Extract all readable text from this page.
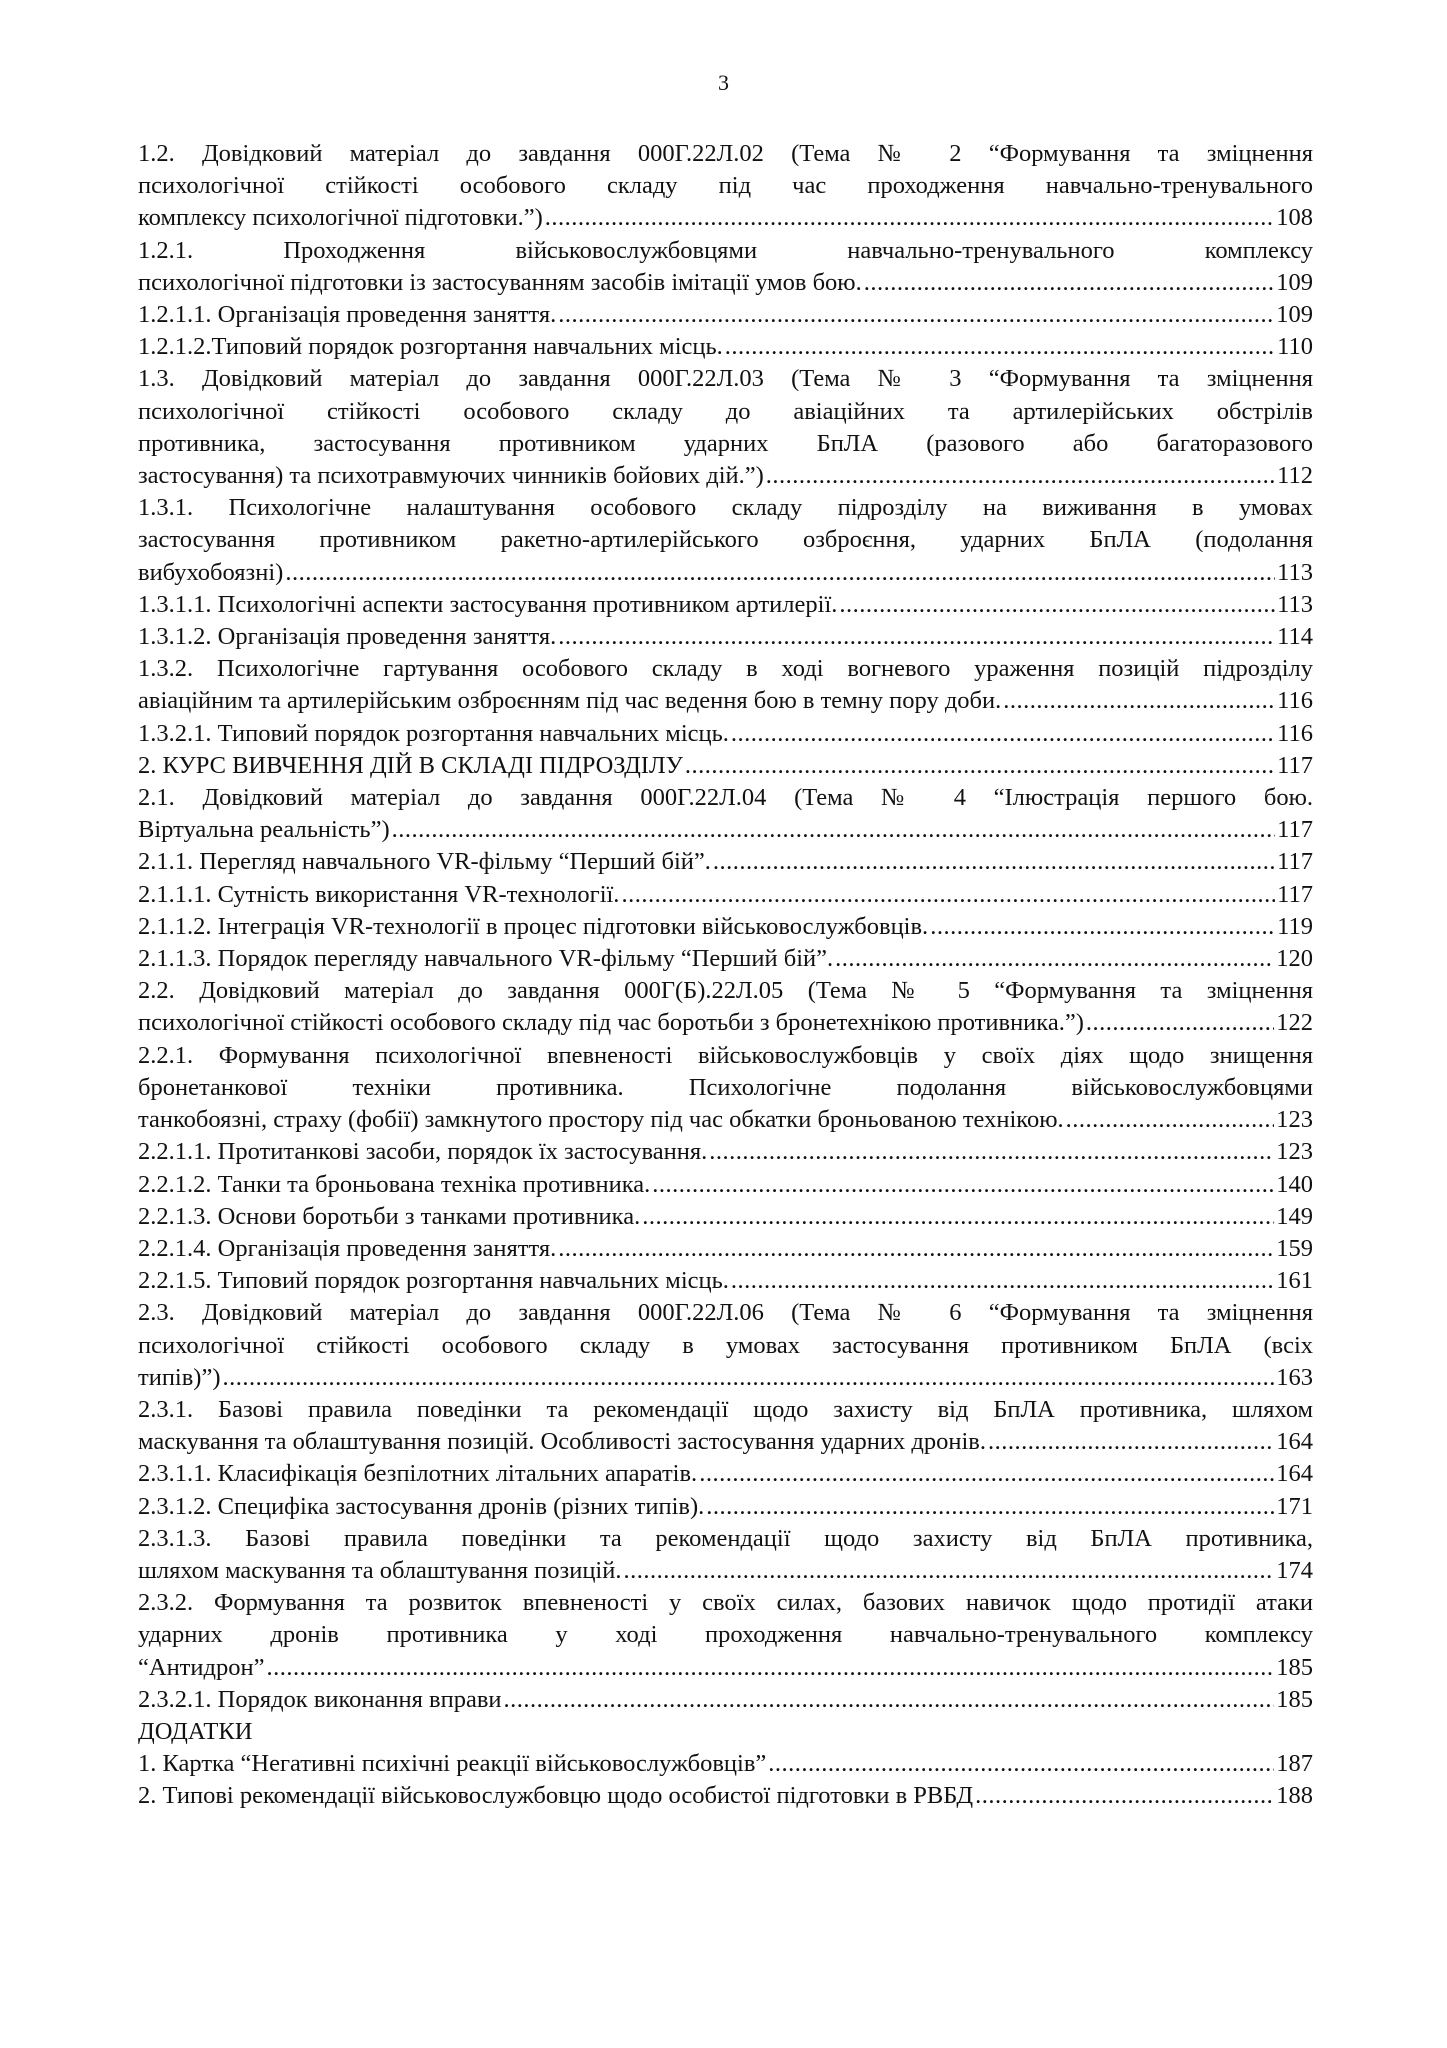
3
1.2. Довідковий матеріал до завдання 000Г.22Л.02 (Тема № 2 “Формування та зміцнення
психологічної стійкості особового складу під час проходження навчально-тренувального
комплексу психологічної підготовки.”) .....	108
1.2.1. Проходження військовослужбовцями навчально-тренувального комплексу
психологічної підготовки із застосуванням засобів імітації умов бою. .....	109
1.2.1.1. Організація проведення заняття. .....	109
1.2.1.2.Типовий порядок розгортання навчальних місць. .....	110
1.3. Довідковий матеріал до завдання 000Г.22Л.03 (Тема № 3 “Формування та зміцнення
психологічної стійкості особового складу до авіаційних та артилерійських обстрілів
противника, застосування противником ударних БпЛА (разового або багаторазового
застосування) та психотравмуючих чинників бойових дій.”) .....	112
1.3.1. Психологічне налаштування особового складу підрозділу на виживання в умовах
застосування противником ракетно-артилерійського озброєння, ударних БпЛА (подолання
вибухобоязні) .....	113
1.3.1.1. Психологічні аспекти застосування противником артилерії. .....	113
1.3.1.2. Організація проведення заняття. .....	114
1.3.2. Психологічне гартування особового складу в ході вогневого ураження позицій підрозділу
авіаційним та артилерійським озброєнням під час ведення бою в темну пору доби. .....	116
1.3.2.1. Типовий порядок розгортання навчальних місць. .....	116
2. КУРС ВИВЧЕННЯ ДІЙ В СКЛАДІ ПІДРОЗДІЛУ .....	117
2.1. Довідковий матеріал до завдання 000Г.22Л.04 (Тема № 4 “Ілюстрація першого бою.
Віртуальна реальність”) .....	117
2.1.1. Перегляд навчального VR-фільму “Перший бій”. .....	117
2.1.1.1. Сутність використання VR-технології. .....	117
2.1.1.2. Інтеграція VR-технології в процес підготовки військовослужбовців. .....	119
2.1.1.3. Порядок перегляду навчального VR-фільму “Перший бій”. .....	120
2.2. Довідковий матеріал до завдання 000Г(Б).22Л.05 (Тема № 5 “Формування та зміцнення
психологічної стійкості особового складу під час боротьби з бронетехнікою противника.”) .....	122
2.2.1. Формування психологічної впевненості військовослужбовців у своїх діях щодо знищення
бронетанкової техніки противника. Психологічне подолання військовослужбовцями
танкобоязні, страху (фобії) замкнутого простору під час обкатки броньованою технікою. .....	123
2.2.1.1. Протитанкові засоби, порядок їх застосування. .....	123
2.2.1.2. Танки та броньована техніка противника. .....	140
2.2.1.3. Основи боротьби з танками противника. .....	149
2.2.1.4. Організація проведення заняття. .....	159
2.2.1.5. Типовий порядок розгортання навчальних місць. .....	161
2.3. Довідковий матеріал до завдання 000Г.22Л.06 (Тема № 6 “Формування та зміцнення
психологічної стійкості особового складу в умовах застосування противником БпЛА (всіх
типів)”) .....	163
2.3.1. Базові правила поведінки та рекомендації щодо захисту від БпЛА противника, шляхом
маскування та облаштування позицій. Особливості застосування ударних дронів. .....	164
2.3.1.1. Класифікація безпілотних літальних апаратів. .....	164
2.3.1.2. Специфіка застосування дронів (різних типів). .....	171
2.3.1.3. Базові правила поведінки та рекомендації щодо захисту від БпЛА противника,
шляхом маскування та облаштування позицій. .....	174
2.3.2. Формування та розвиток впевненості у своїх силах, базових навичок щодо протидії атаки
ударних дронів противника у ході проходження навчально-тренувального комплексу
“Антидрон” .....	185
2.3.2.1. Порядок виконання вправи .....	185
ДОДАТКИ
1. Картка “Негативні психічні реакції військовослужбовців” .....	187
2. Типові рекомендації військовослужбовцю щодо особистої підготовки в РВБД .....	188
